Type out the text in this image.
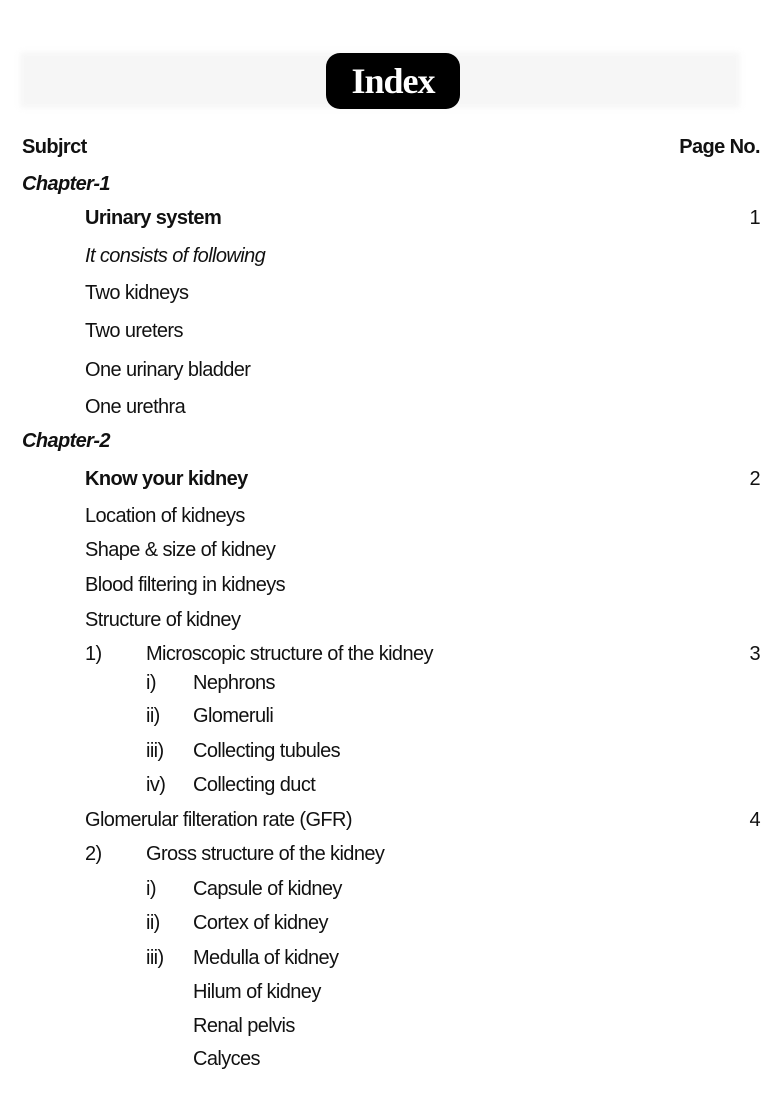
Index
Subjrct	Page No.
Chapter-1
Urinary system	1
It consists of following
Two kidneys
Two ureters
One urinary bladder
One urethra
Chapter-2
Know your kidney	2
Location of kidneys
Shape & size of kidney
Blood filtering in kidneys
Structure of kidney
1) Microscopic structure of the kidney	3
i) Nephrons
ii) Glomeruli
iii) Collecting tubules
iv) Collecting duct
Glomerular filteration rate (GFR)	4
2) Gross structure of the kidney
i) Capsule of kidney
ii) Cortex of kidney
iii) Medulla of kidney
Hilum of kidney
Renal pelvis
Calyces
